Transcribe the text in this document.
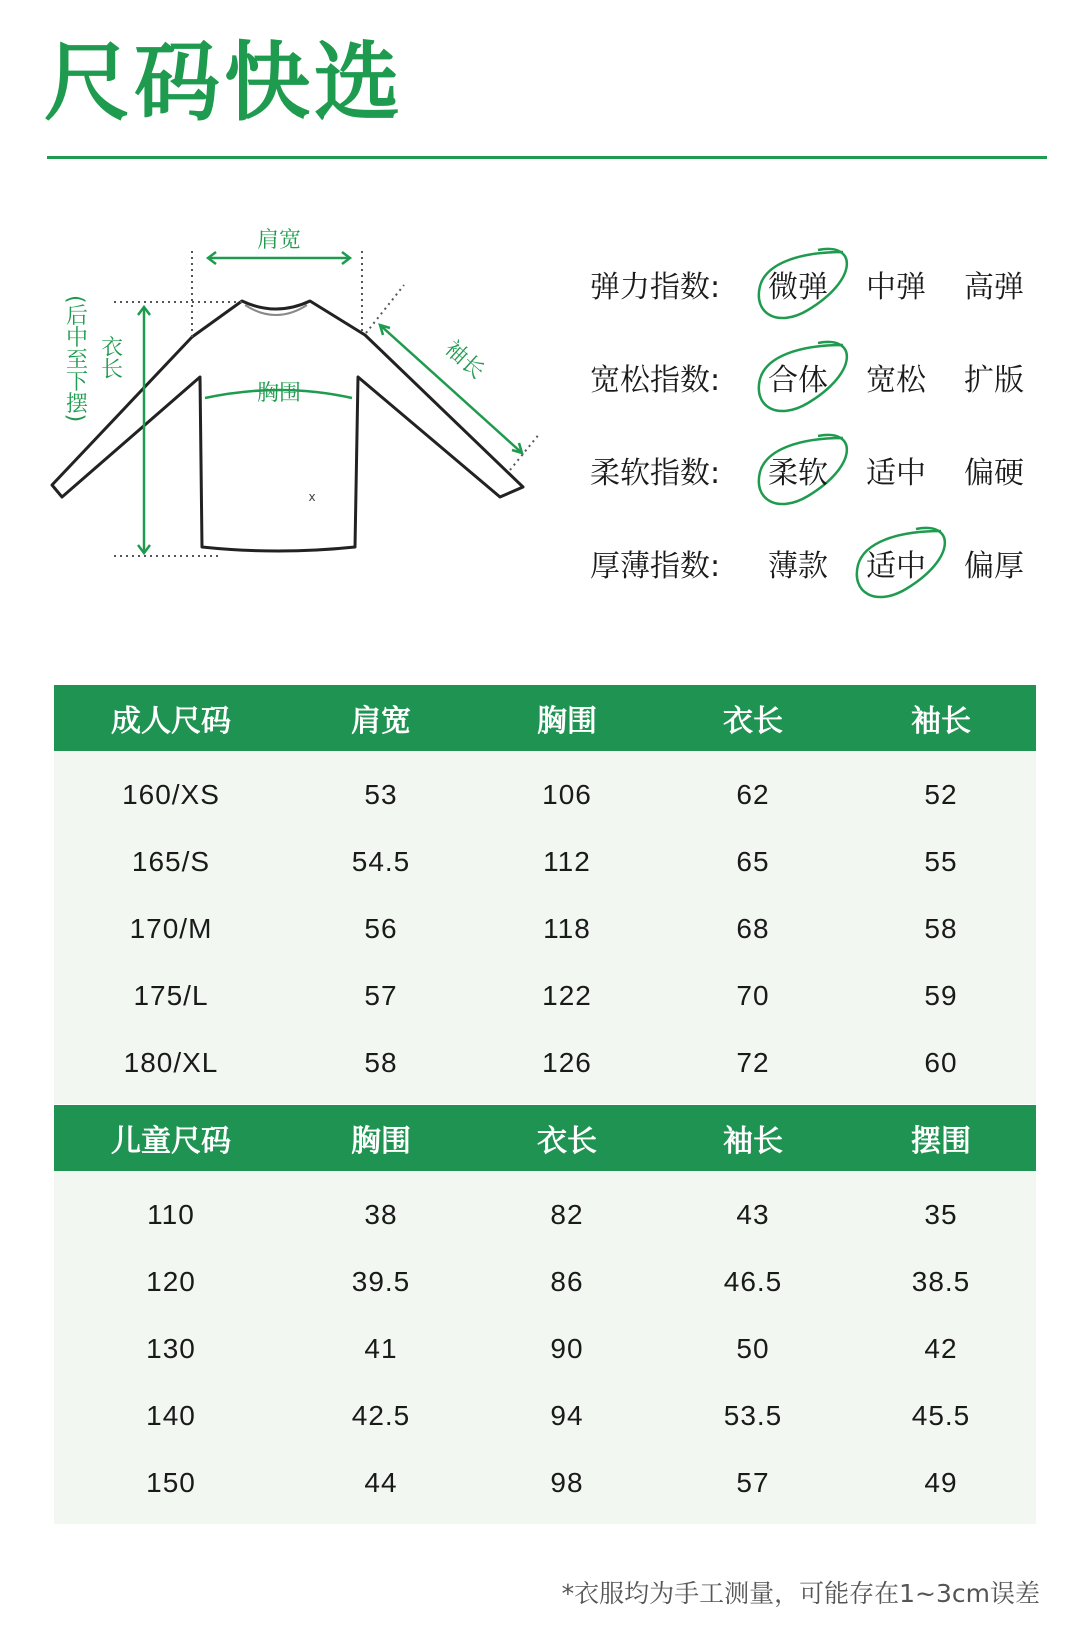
尺码快选
x
肩宽
胸围
袖长
衣长
(后中至下摆)
弹力指数: 微弹 中弹 高弹
宽松指数: 合体 宽松 扩版
柔软指数: 柔软 适中 偏硬
厚薄指数: 薄款 适中 偏厚
成人尺码	肩宽	胸围	衣长	袖长
160/XS	53	106	62	52
165/S	54.5	112	65	55
170/M	56	118	68	58
175/L	57	122	70	59
180/XL	58	126	72	60
儿童尺码	胸围	衣长	袖长	摆围
110	38	82	43	35
120	39.5	86	46.5	38.5
130	41	90	50	42
140	42.5	94	53.5	45.5
150	44	98	57	49
*衣服均为手工测量，可能存在1~3cm误差
